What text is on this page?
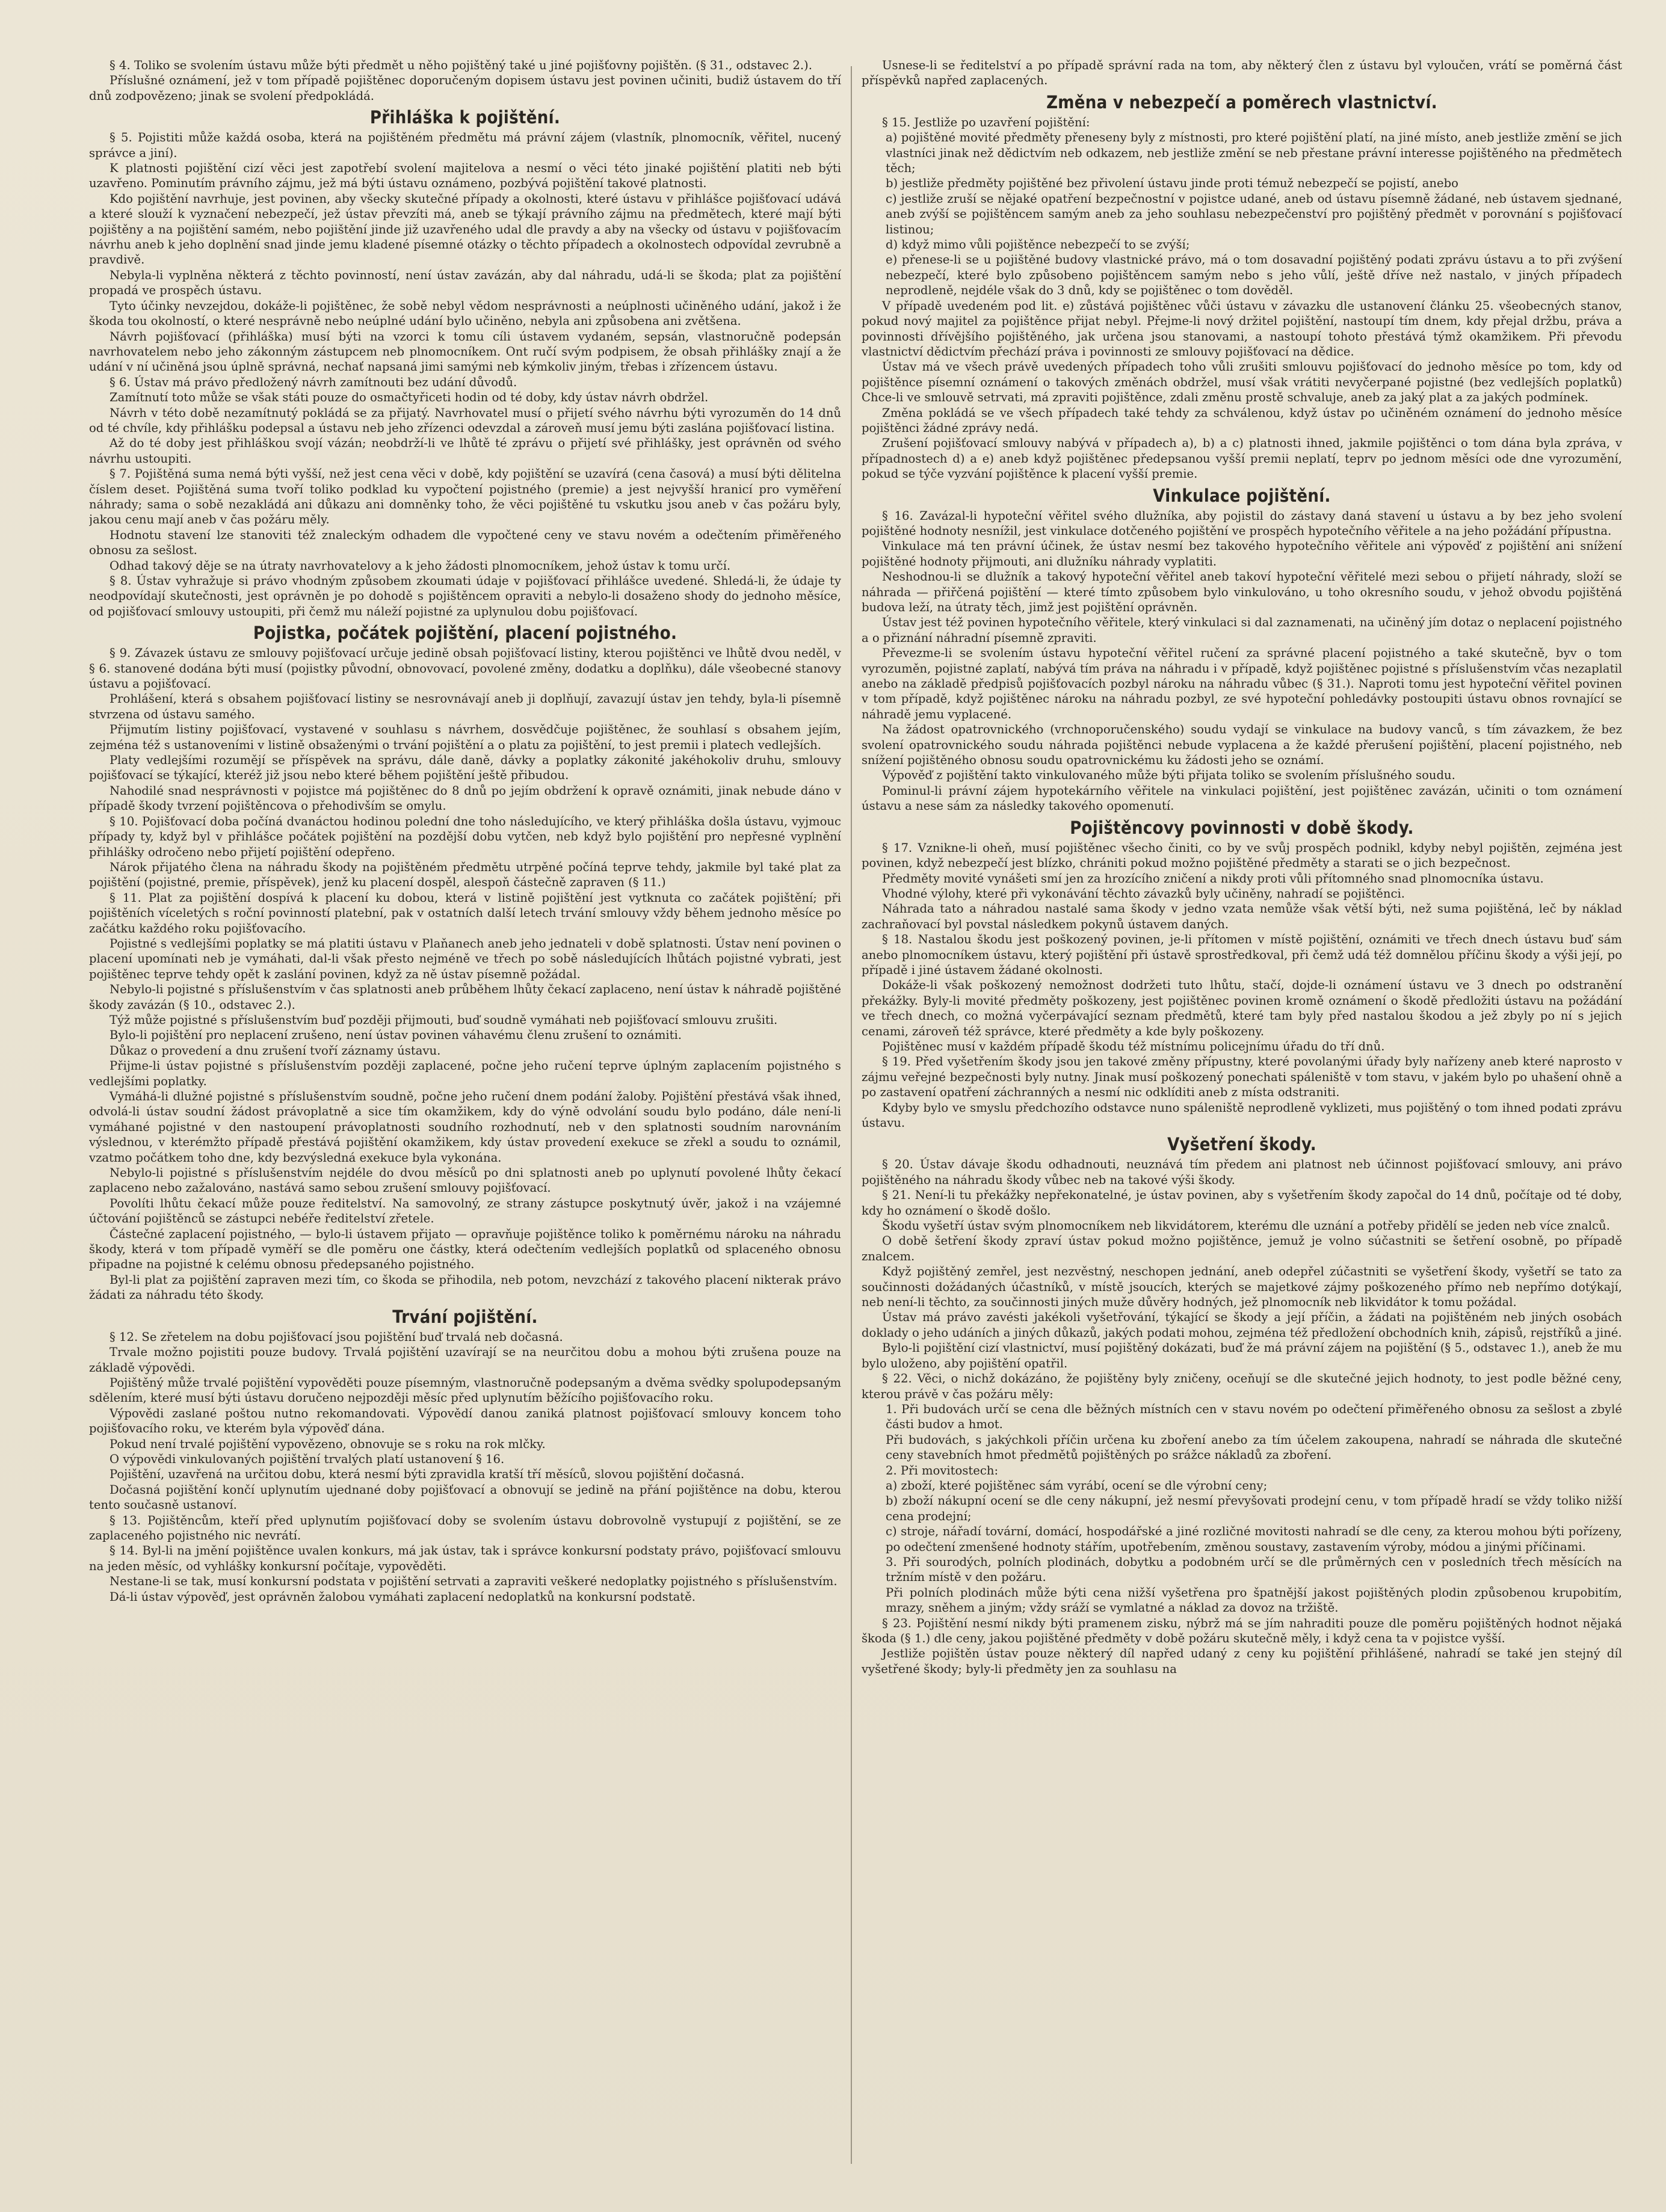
§ 4. Toliko se svolením ústavu může býti předmět u něho pojištěný také u jiné pojišťovny pojištěn. (§ 31., odstavec 2.).

Příslušné oznámení, jež v tom případě pojištěnec doporučeným dopisem ústavu jest povinen učiniti, budiž ústavem do tří dnů zodpovězeno; jinak se svolení předpokládá.

Přihláška k pojištění.

§ 5. Pojistiti může každá osoba, která na pojištěném předmětu má právní zájem (vlastník, plnomocník, věřitel, nucený správce a jiní).

K platnosti pojištění cizí věci jest zapotřebí svolení majitelova a nesmí o věci této jinaké pojištění platiti neb býti uzavřeno. Pominutím právního zájmu, jež má býti ústavu oznámeno, pozbývá pojištění takové platnosti.

Kdo pojištění navrhuje, jest povinen, aby všecky skutečné případy a okolnosti, které ústavu v přihlášce pojišťovací udává a které slouží k vyznačení nebezpečí, jež ústav převzíti má, aneb se týkají právního zájmu na předmětech, které mají býti pojištěny a na pojištění samém, nebo pojištění jinde již uzavřeného udal dle pravdy a aby na všecky od ústavu v pojišťovacím návrhu aneb k jeho doplnění snad jinde jemu kladené písemné otázky o těchto případech a okolnostech odpovídal zevrubně a pravdivě.

Nebyla-li vyplněna některá z těchto povinností, není ústav zavázán, aby dal náhradu, udá-li se škoda; plat za pojištění propadá ve prospěch ústavu.

Tyto účinky nevzejdou, dokáže-li pojištěnec, že sobě nebyl vědom nesprávnosti a neúplnosti učiněného udání, jakož i že škoda tou okolností, o které nesprávně nebo neúplné udání bylo učiněno, nebyla ani způsobena ani zvětšena.

Návrh pojišťovací (přihláška) musí býti na vzorci k tomu cíli ústavem vydaném, sepsán, vlastnoručně podepsán navrhovatelem nebo jeho zákonným zástupcem neb plnomocníkem. Ont ručí svým podpisem, že obsah přihlášky znají a že udání v ní učiněná jsou úplně správná, nechať napsaná jimi samými neb kýmkoliv jiným, třebas i zřízencem ústavu.

§ 6. Ústav má právo předložený návrh zamítnouti bez udání důvodů.

Zamítnutí toto může se však státi pouze do osmačtyřiceti hodin od té doby, kdy ústav návrh obdržel.

Návrh v této době nezamítnutý pokládá se za přijatý. Navrhovatel musí o přijetí svého návrhu býti vyrozuměn do 14 dnů od té chvíle, kdy přihlášku podepsal a ústavu neb jeho zřízenci odevzdal a zároveň musí jemu býti zaslána pojišťovací listina.

Až do té doby jest přihláškou svojí vázán; neobdrží-li ve lhůtě té zprávu o přijetí své přihlášky, jest oprávněn od svého návrhu ustoupiti.

§ 7. Pojištěná suma nemá býti vyšší, než jest cena věci v době, kdy pojištění se uzavírá (cena časová) a musí býti dělitelna číslem deset. Pojištěná suma tvoří toliko podklad ku vypočtení pojistného (premie) a jest nejvyšší hranicí pro vyměření náhrady; sama o sobě nezakládá ani důkazu ani domněnky toho, že věci pojištěné tu vskutku jsou aneb v čas požáru byly, jakou cenu mají aneb v čas požáru měly.

Hodnotu stavení lze stanoviti též znaleckým odhadem dle vypočtené ceny ve stavu novém a odečtením přiměřeného obnosu za sešlost.

Odhad takový děje se na útraty navrhovatelovy a k jeho žádosti plnomocníkem, jehož ústav k tomu určí.

§ 8. Ústav vyhražuje si právo vhodným způsobem zkoumati údaje v pojišťovací přihlášce uvedené. Shledá-li, že údaje ty neodpovídají skutečnosti, jest oprávněn je po dohodě s pojištěncem opraviti a nebylo-li dosaženo shody do jednoho měsíce, od pojišťovací smlouvy ustoupiti, při čemž mu náleží pojistné za uplynulou dobu pojišťovací.

Pojistka, počátek pojištění, placení pojistného.

§ 9. Závazek ústavu ze smlouvy pojišťovací určuje jedině obsah pojišťovací listiny, kterou pojištěnci ve lhůtě dvou neděl, v § 6. stanovené dodána býti musí (pojistky původní, obnovovací, povolené změny, dodatku a doplňku), dále všeobecné stanovy ústavu a pojišťovací.

Prohlášení, která s obsahem pojišťovací listiny se nesrovnávají aneb ji doplňují, zavazují ústav jen tehdy, byla-li písemně stvrzena od ústavu samého.

Přijmutím listiny pojišťovací, vystavené v souhlasu s návrhem, dosvědčuje pojištěnec, že souhlasí s obsahem jejím, zejména též s ustanoveními v listině obsaženými o trvání pojištění a o platu za pojištění, to jest premii i platech vedlejších.

Platy vedlejšími rozumějí se příspěvek na správu, dále daně, dávky a poplatky zákonité jakéhokoliv druhu, smlouvy pojišťovací se týkající, kteréž již jsou nebo které během pojištění ještě přibudou.

Nahodilé snad nesprávnosti v pojistce má pojištěnec do 8 dnů po jejím obdržení k opravě oznámiti, jinak nebude dáno v případě škody tvrzení pojištěncova o přehodivším se omylu.

§ 10. Pojišťovací doba počíná dvanáctou hodinou polední dne toho následujícího, ve který přihláška došla ústavu, vyjmouc případy ty, když byl v přihlášce počátek pojištění na pozdější dobu vytčen, neb když bylo pojištění pro nepřesné vyplnění přihlášky odročeno nebo přijetí pojištění odepřeno.

Nárok přijatého člena na náhradu škody na pojištěném předmětu utrpěné počíná teprve tehdy, jakmile byl také plat za pojištění (pojistné, premie, příspěvek), jenž ku placení dospěl, alespoň částečně zapraven (§ 11.)

§ 11. Plat za pojištění dospívá k placení ku dobou, která v listině pojištění jest vytknuta co začátek pojištění; při pojištěních víceletých s roční povinností platební, pak v ostatních další letech trvání smlouvy vždy během jednoho měsíce po začátku každého roku pojišťovacího.

Pojistné s vedlejšími poplatky se má platiti ústavu v Plaňanech aneb jeho jednateli v době splatnosti. Ústav není povinen o placení upomínati neb je vymáhati, dal-li však přesto nejméně ve třech po sobě následujících lhůtách pojistné vybrati, jest pojištěnec teprve tehdy opět k zaslání povinen, když za ně ústav písemně požádal.

Nebylo-li pojistné s příslušenstvím v čas splatnosti aneb průběhem lhůty čekací zaplaceno, není ústav k náhradě pojištěné škody zavázán (§ 10., odstavec 2.).

Týž může pojistné s příslušenstvím buď později přijmouti, buď soudně vymáhati neb pojišťovací smlouvu zrušiti.

Bylo-li pojištění pro neplacení zrušeno, není ústav povinen váhavému členu zrušení to oznámiti.

Důkaz o provedení a dnu zrušení tvoří záznamy ústavu.

Přijme-li ústav pojistné s příslušenstvím později zaplacené, počne jeho ručení teprve úplným zaplacením pojistného s vedlejšími poplatky.

Vymáhá-li dlužné pojistné s příslušenstvím soudně, počne jeho ručení dnem podání žaloby. Pojištění přestává však ihned, odvolá-li ústav soudní žádost právoplatně a sice tím okamžikem, kdy do výně odvolání soudu bylo podáno, dále není-li vymáhané pojistné v den nastoupení právoplatnosti soudního rozhodnutí, neb v den splatnosti soudním narovnáním výslednou, v kterémžto případě přestává pojištění okamžikem, kdy ústav provedení exekuce se zřekl a soudu to oznámil, vzatmo počátkem toho dne, kdy bezvýsledná exekuce byla vykonána.

Nebylo-li pojistné s příslušenstvím nejdéle do dvou měsíců po dni splatnosti aneb po uplynutí povolené lhůty čekací zaplaceno nebo zažalováno, nastává samo sebou zrušení smlouvy pojišťovací.

Povolíti lhůtu čekací může pouze ředitelství. Na samovolný, ze strany zástupce poskytnutý úvěr, jakož i na vzájemné účtování pojištěnců se zástupci nebéře ředitelství zřetele.

Částečné zaplacení pojistného, — bylo-li ústavem přijato — opravňuje pojištěnce toliko k poměrnému nároku na náhradu škody, která v tom případě vyměří se dle poměru one částky, která odečtením vedlejších poplatků od splaceného obnosu připadne na pojistné k celému obnosu předepsaného pojistného.

Byl-li plat za pojištění zapraven mezi tím, co škoda se přihodila, neb potom, nevzchází z takového placení nikterak právo žádati za náhradu této škody.

Trvání pojištění.

§ 12. Se zřetelem na dobu pojišťovací jsou pojištění buď trvalá neb dočasná.

Trvale možno pojistiti pouze budovy. Trvalá pojištění uzavírají se na neurčitou dobu a mohou býti zrušena pouze na základě výpovědi.

Pojištěný může trvalé pojištění vypověděti pouze písemným, vlastnoručně podepsaným a dvěma svědky spolupodepsaným sdělením, které musí býti ústavu doručeno nejpozději měsíc před uplynutím běžícího pojišťovacího roku.

Výpovědi zaslané poštou nutno rekomandovati. Výpovědí danou zaniká platnost pojišťovací smlouvy koncem toho pojišťovacího roku, ve kterém byla výpověď dána.

Pokud není trvalé pojištění vypovězeno, obnovuje se s roku na rok mlčky.

O výpovědi vinkulovaných pojištění trvalých platí ustanovení § 16.

Pojištění, uzavřená na určitou dobu, která nesmí býti zpravidla kratší tří měsíců, slovou pojištění dočasná.

Dočasná pojištění končí uplynutím ujednané doby pojišťovací a obnovují se jedině na přání pojištěnce na dobu, kterou tento současně ustanoví.

§ 13. Pojištěncům, kteří před uplynutím pojišťovací doby se svolením ústavu dobrovolně vystupují z pojištění, se ze zaplaceného pojistného nic nevrátí.

§ 14. Byl-li na jmění pojištěnce uvalen konkurs, má jak ústav, tak i správce konkursní podstaty právo, pojišťovací smlouvu na jeden měsíc, od vyhlášky konkursní počítaje, vypověděti.

Nestane-li se tak, musí konkursní podstata v pojištění setrvati a zapraviti veškeré nedoplatky pojistného s příslušenstvím.

Dá-li ústav výpověď, jest oprávněn žalobou vymáhati zaplacení nedoplatků na konkursní podstatě.

Usnese-li se ředitelství a po případě správní rada na tom, aby některý člen z ústavu byl vyloučen, vrátí se poměrná část příspěvků napřed zaplacených.

Změna v nebezpečí a poměrech vlastnictví.

§ 15. Jestliže po uzavření pojištění:

a) pojištěné movité předměty přeneseny byly z místnosti, pro které pojištění platí, na jiné místo, aneb jestliže změní se jich vlastníci jinak než dědictvím neb odkazem, neb jestliže změní se neb přestane právní interesse pojištěného na předmětech těch;

b) jestliže předměty pojištěné bez přivolení ústavu jinde proti témuž nebezpečí se pojistí, anebo

c) jestliže zruší se nějaké opatření bezpečnostní v pojistce udané, aneb od ústavu písemně žádané, neb ústavem sjednané, aneb zvýší se pojištěncem samým aneb za jeho souhlasu nebezpečenství pro pojištěný předmět v porovnání s pojišťovací listinou;

d) když mimo vůli pojištěnce nebezpečí to se zvýší;

e) přenese-li se u pojištěné budovy vlastnické právo, má o tom dosavadní pojištěný podati zprávu ústavu a to při zvýšení nebezpečí, které bylo způsobeno pojištěncem samým nebo s jeho vůlí, ještě dříve než nastalo, v jiných případech neprodleně, nejdéle však do 3 dnů, kdy se pojištěnec o tom dověděl.

V případě uvedeném pod lit. e) zůstává pojištěnec vůči ústavu v závazku dle ustanovení článku 25. všeobecných stanov, pokud nový majitel za pojištěnce přijat nebyl. Přejme-li nový držitel pojištění, nastoupí tím dnem, kdy přejal držbu, práva a povinnosti dřívějšího pojištěného, jak určena jsou stanovami, a nastoupí tohoto přestává týmž okamžikem. Při převodu vlastnictví dědictvím přechází práva i povinnosti ze smlouvy pojišťovací na dědice.

Ústav má ve všech právě uvedených případech toho vůli zrušiti smlouvu pojišťovací do jednoho měsíce po tom, kdy od pojištěnce písemní oznámení o takových změnách obdržel, musí však vrátiti nevyčerpané pojistné (bez vedlejších poplatků) Chce-li ve smlouvě setrvati, má zpraviti pojištěnce, zdali změnu prostě schvaluje, aneb za jaký plat a za jakých podmínek.

Změna pokládá se ve všech případech také tehdy za schválenou, když ústav po učiněném oznámení do jednoho měsíce pojištěnci žádné zprávy nedá.

Zrušení pojišťovací smlouvy nabývá v případech a), b) a c) platnosti ihned, jakmile pojištěnci o tom dána byla zpráva, v případnostech d) a e) aneb když pojištěnec předepsanou vyšší premii neplatí, teprv po jednom měsíci ode dne vyrozumění, pokud se týče vyzvání pojištěnce k placení vyšší premie.

Vinkulace pojištění.

§ 16. Zavázal-li hypoteční věřitel svého dlužníka, aby pojistil do zástavy daná stavení u ústavu a by bez jeho svolení pojištěné hodnoty nesnížil, jest vinkulace dotčeného pojištění ve prospěch hypotečního věřitele a na jeho požádání přípustna.

Vinkulace má ten právní účinek, že ústav nesmí bez takového hypotečního věřitele ani výpověď z pojištění ani snížení pojištěné hodnoty přijmouti, ani dlužníku náhrady vyplatiti.

Neshodnou-li se dlužník a takový hypoteční věřitel aneb takoví hypoteční věřitelé mezi sebou o přijetí náhrady, složí se náhrada — přiřčená pojištění — které tímto způsobem bylo vinkulováno, u toho okresního soudu, v jehož obvodu pojištěná budova leží, na útraty těch, jimž jest pojištění oprávněn.

Ústav jest též povinen hypotečního věřitele, který vinkulaci si dal zaznamenati, na učiněný jím dotaz o neplacení pojistného a o přiznání náhradní písemně zpraviti.

Převezme-li se svolením ústavu hypoteční věřitel ručení za správné placení pojistného a také skutečně, byv o tom vyrozuměn, pojistné zaplatí, nabývá tím práva na náhradu i v případě, když pojištěnec pojistné s příslušenstvím včas nezaplatil anebo na základě předpisů pojišťovacích pozbyl nároku na náhradu vůbec (§ 31.). Naproti tomu jest hypoteční věřitel povinen v tom případě, když pojištěnec nároku na náhradu pozbyl, ze své hypoteční pohledávky postoupiti ústavu obnos rovnající se náhradě jemu vyplacené.

Na žádost opatrovnického (vrchnoporučenského) soudu vydají se vinkulace na budovy vanců, s tím závazkem, že bez svolení opatrovnického soudu náhrada pojištěnci nebude vyplacena a že každé přerušení pojištění, placení pojistného, neb snížení pojištěného obnosu soudu opatrovnickému ku žádosti jeho se oznámí.

Výpověď z pojištění takto vinkulovaného může býti přijata toliko se svolením příslušného soudu.

Pominul-li právní zájem hypotekárního věřitele na vinkulaci pojištění, jest pojištěnec zavázán, učiniti o tom oznámení ústavu a nese sám za následky takového opomenutí.

Pojištěncovy povinnosti v době škody.

§ 17. Vznikne-li oheň, musí pojištěnec všecho činiti, co by ve svůj prospěch podnikl, kdyby nebyl pojištěn, zejména jest povinen, když nebezpečí jest blízko, chrániti pokud možno pojištěné předměty a starati se o jich bezpečnost.

Předměty movité vynášeti smí jen za hrozícího zničení a nikdy proti vůli přítomného snad plnomocníka ústavu.

Vhodné výlohy, které při vykonávání těchto závazků byly učiněny, nahradí se pojištěnci.

Náhrada tato a náhradou nastalé sama škody v jedno vzata nemůže však větší býti, než suma pojištěná, leč by náklad zachraňovací byl povstal následkem pokynů ústavem daných.

§ 18. Nastalou škodu jest poškozený povinen, je-li přítomen v místě pojištění, oznámiti ve třech dnech ústavu buď sám anebo plnomocníkem ústavu, který pojištění při ústavě sprostředkoval, při čemž udá též domnělou příčinu škody a výši její, po případě i jiné ústavem žádané okolnosti.

Dokáže-li však poškozený nemožnost dodržeti tuto lhůtu, stačí, dojde-li oznámení ústavu ve 3 dnech po odstranění překážky. Byly-li movité předměty poškozeny, jest pojištěnec povinen kromě oznámení o škodě předložiti ústavu na požádání ve třech dnech, co možná vyčerpávající seznam předmětů, které tam byly před nastalou škodou a jež zbyly po ní s jejich cenami, zároveň též správce, které předměty a kde byly poškozeny.

Pojištěnec musí v každém případě škodu též místnímu policejnímu úřadu do tří dnů.

§ 19. Před vyšetřením škody jsou jen takové změny přípustny, které povolanými úřady byly nařízeny aneb které naprosto v zájmu veřejné bezpečnosti byly nutny. Jinak musí poškozený ponechati spáleniště v tom stavu, v jakém bylo po uhašení ohně a po zastavení opatření záchranných a nesmí nic odklíditi aneb z místa odstraniti.

Kdyby bylo ve smyslu předchozího odstavce nuno spáleniště neprodleně vyklizeti, mus pojištěný o tom ihned podati zprávu ústavu.

Vyšetření škody.

§ 20. Ústav dávaje škodu odhadnouti, neuznává tím předem ani platnost neb účinnost pojišťovací smlouvy, ani právo pojištěného na náhradu škody vůbec neb na takové výši škody.

§ 21. Není-li tu překážky nepřekonatelné, je ústav povinen, aby s vyšetřením škody započal do 14 dnů, počítaje od té doby, kdy ho oznámení o škodě došlo.

Škodu vyšetří ústav svým plnomocníkem neb likvidátorem, kterému dle uznání a potřeby přidělí se jeden neb více znalců.

O době šetření škody zpraví ústav pokud možno pojištěnce, jemuž je volno súčastniti se šetření osobně, po případě znalcem.

Když pojištěný zemřel, jest nezvěstný, neschopen jednání, aneb odepřel zúčastniti se vyšetření škody, vyšetří se tato za součinnosti dožádaných účastníků, v místě jsoucích, kterých se majetkové zájmy poškozeného přímo neb nepřímo dotýkají, neb není-li těchto, za součinnosti jiných muže důvěry hodných, jež plnomocník neb likvidátor k tomu požádal.

Ústav má právo zavésti jakékoli vyšetřování, týkající se škody a její příčin, a žádati na pojištěném neb jiných osobách doklady o jeho udáních a jiných důkazů, jakých podati mohou, zejména též předložení obchodních knih, zápisů, rejstříků a jiné.

Bylo-li pojištění cizí vlastnictví, musí pojištěný dokázati, buď že má právní zájem na pojištění (§ 5., odstavec 1.), aneb že mu bylo uloženo, aby pojištění opatřil.

§ 22. Věci, o nichž dokázáno, že pojištěny byly zničeny, oceňují se dle skutečné jejich hodnoty, to jest podle běžné ceny, kterou právě v čas požáru měly:

1. Při budovách určí se cena dle běžných místních cen v stavu novém po odečtení přiměřeného obnosu za sešlost a zbylé části budov a hmot.

Při budovách, s jakýchkoli příčin určena ku zboření anebo za tím účelem zakoupena, nahradí se náhrada dle skutečné ceny stavebních hmot předmětů pojištěných po srážce nákladů za zboření.

2. Při movitostech:

a) zboží, které pojištěnec sám vyrábí, ocení se dle výrobní ceny;

b) zboží nákupní ocení se dle ceny nákupní, jež nesmí převyšovati prodejní cenu, v tom případě hradí se vždy toliko nižší cena prodejní;

c) stroje, nářadí tovární, domácí, hospodářské a jiné rozličné movitosti nahradí se dle ceny, za kterou mohou býti pořízeny, po odečtení zmenšené hodnoty stářím, upotřebením, změnou soustavy, zastavením výroby, módou a jinými příčinami.

3. Při sourodých, polních plodinách, dobytku a podobném určí se dle průměrných cen v posledních třech měsících na tržním místě v den požáru.

Při polních plodinách může býti cena nižší vyšetřena pro špatnější jakost pojištěných plodin způsobenou krupobitím, mrazy, sněhem a jiným; vždy sráží se vymlatné a náklad za dovoz na tržiště.

§ 23. Pojištění nesmí nikdy býti pramenem zisku, nýbrž má se jím nahraditi pouze dle poměru pojištěných hodnot nějaká škoda (§ 1.) dle ceny, jakou pojištěné předměty v době požáru skutečně měly, i když cena ta v pojistce vyšší.

Jestliže pojištěn ústav pouze některý díl napřed udaný z ceny ku pojištění přihlášené, nahradí se také jen stejný díl vyšetřené škody; byly-li předměty jen za souhlasu na
